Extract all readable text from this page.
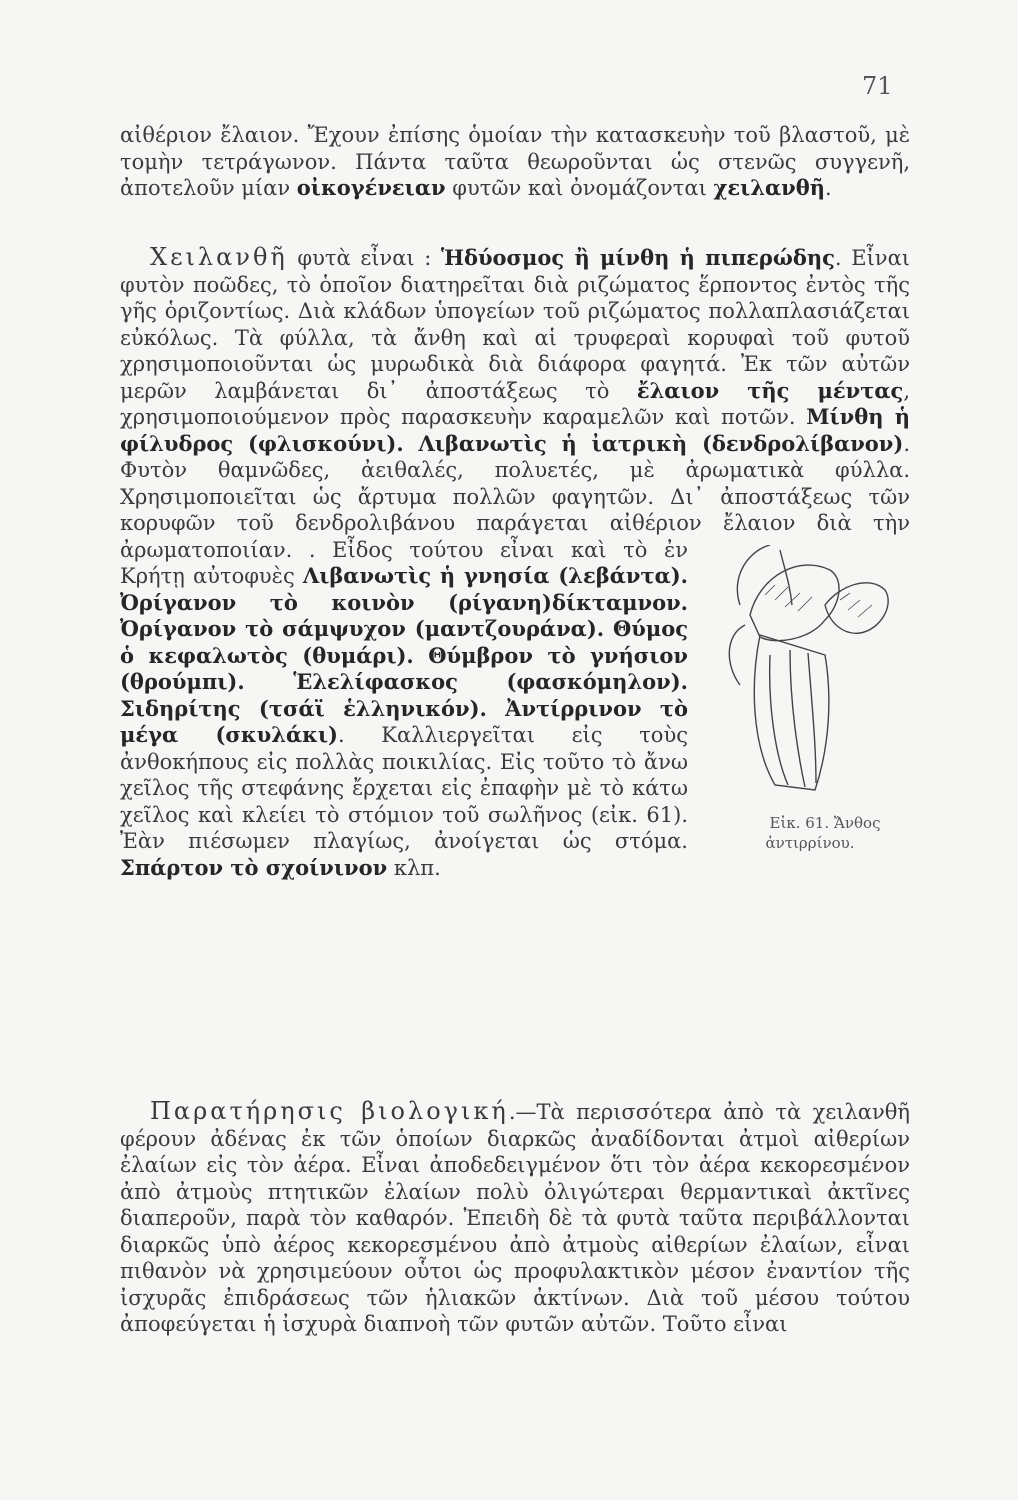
71

αἰθέριον ἔλαιον. Ἔχουν ἐπίσης ὁμοίαν τὴν κατασκευὴν τοῦ βλαστοῦ, μὲ τομὴν τετράγωνον. Πάντα ταῦτα θεωροῦνται ὡς στενῶς συγγενῆ, ἀποτελοῦν μίαν οἰκογένειαν φυτῶν καὶ ὀνομάζονται χειλανθῆ.

Χειλανθῆ φυτὰ εἶναι : Ἡδύοσμος ἢ μίνθη ἡ πιπερώδης. Εἶναι φυτὸν ποῶδες, τὸ ὁποῖον διατηρεῖται διὰ ριζώματος ἕρποντος ἐντὸς τῆς γῆς ὁριζοντίως. Διὰ κλάδων ὑπογείων τοῦ ριζώματος πολλαπλασιάζεται εὐκόλως. Τὰ φύλλα, τὰ ἄνθη καὶ αἱ τρυφεραὶ κορυφαὶ τοῦ φυτοῦ χρησιμοποιοῦνται ὡς μυρωδικὰ διὰ διάφορα φαγητά. Ἐκ τῶν αὐτῶν μερῶν λαμβάνεται δι᾽ ἀποστάξεως τὸ ἔλαιον τῆς μέντας, χρησιμοποιούμενον πρὸς παρασκευὴν καραμελῶν καὶ ποτῶν. Μίνθη ἡ φίλυδρος (φλισκούνι). Λιβανωτὶς ἡ ἰατρικὴ (δενδρολίβανον). Φυτὸν θαμνῶδες, ἀειθαλές, πολυετές, μὲ ἀρωματικὰ φύλλα. Χρησιμοποιεῖται ὡς ἄρτυμα πολλῶν φαγητῶν. Δι᾽ ἀποστάξεως τῶν κορυφῶν τοῦ δενδρολιβάνου παράγεται αἰθέριον ἔλαιον διὰ τὴν ἀρωματοποιίαν.
Εἰκ. 61. Ἄνθος
ἀντιρρίνου.
. Εἶδος τούτου εἶναι καὶ τὸ ἐν Κρήτῃ αὐτοφυὲς Λιβανωτὶς ἡ γνησία (λεβάντα). Ὀρίγανον τὸ κοινὸν (ρίγανη)δίκταμνον. Ὀρίγανον τὸ σάμψυχον (μαντζουράνα). Θύμος ὁ κεφαλωτὸς (θυμάρι). Θύμβρον τὸ γνήσιον (θρούμπι). Ἑλελίφασκος (φασκόμηλον). Σιδηρίτης (τσάϊ ἑλληνικόν). Ἀντίρρινον τὸ μέγα (σκυλάκι). Καλλιεργεῖται εἰς τοὺς ἀνθοκήπους εἰς πολλὰς ποικιλίας. Εἰς τοῦτο τὸ ἄνω χεῖλος τῆς στεφάνης ἔρχεται εἰς ἐπαφὴν μὲ τὸ κάτω χεῖλος καὶ κλείει τὸ στόμιον τοῦ σωλῆνος (εἰκ. 61). Ἐὰν πιέσωμεν πλαγίως, ἀνοίγεται ὡς στόμα. Σπάρτον τὸ σχοίνινον κλπ.

Παρατήρησις βιολογική.—Τὰ περισσότερα ἀπὸ τὰ χειλανθῆ φέρουν ἀδένας ἐκ τῶν ὁποίων διαρκῶς ἀναδίδονται ἀτμοὶ αἰθερίων ἐλαίων εἰς τὸν ἀέρα. Εἶναι ἀποδεδειγμένον ὅτι τὸν ἀέρα κεκορεσμένον ἀπὸ ἀτμοὺς πτητικῶν ἐλαίων πολὺ ὀλιγώτεραι θερμαντικαὶ ἀκτῖνες διαπεροῦν, παρὰ τὸν καθαρόν. Ἐπειδὴ δὲ τὰ φυτὰ ταῦτα περιβάλλονται διαρκῶς ὑπὸ ἀέρος κεκορεσμένου ἀπὸ ἀτμοὺς αἰθερίων ἐλαίων, εἶναι πιθανὸν νὰ χρησιμεύουν οὗτοι ὡς προφυλακτικὸν μέσον ἐναντίον τῆς ἰσχυρᾶς ἐπιδράσεως τῶν ἡλιακῶν ἀκτίνων. Διὰ τοῦ μέσου τούτου ἀποφεύγεται ἡ ἰσχυρὰ διαπνοὴ τῶν φυτῶν αὐτῶν. Τοῦτο εἶναι
